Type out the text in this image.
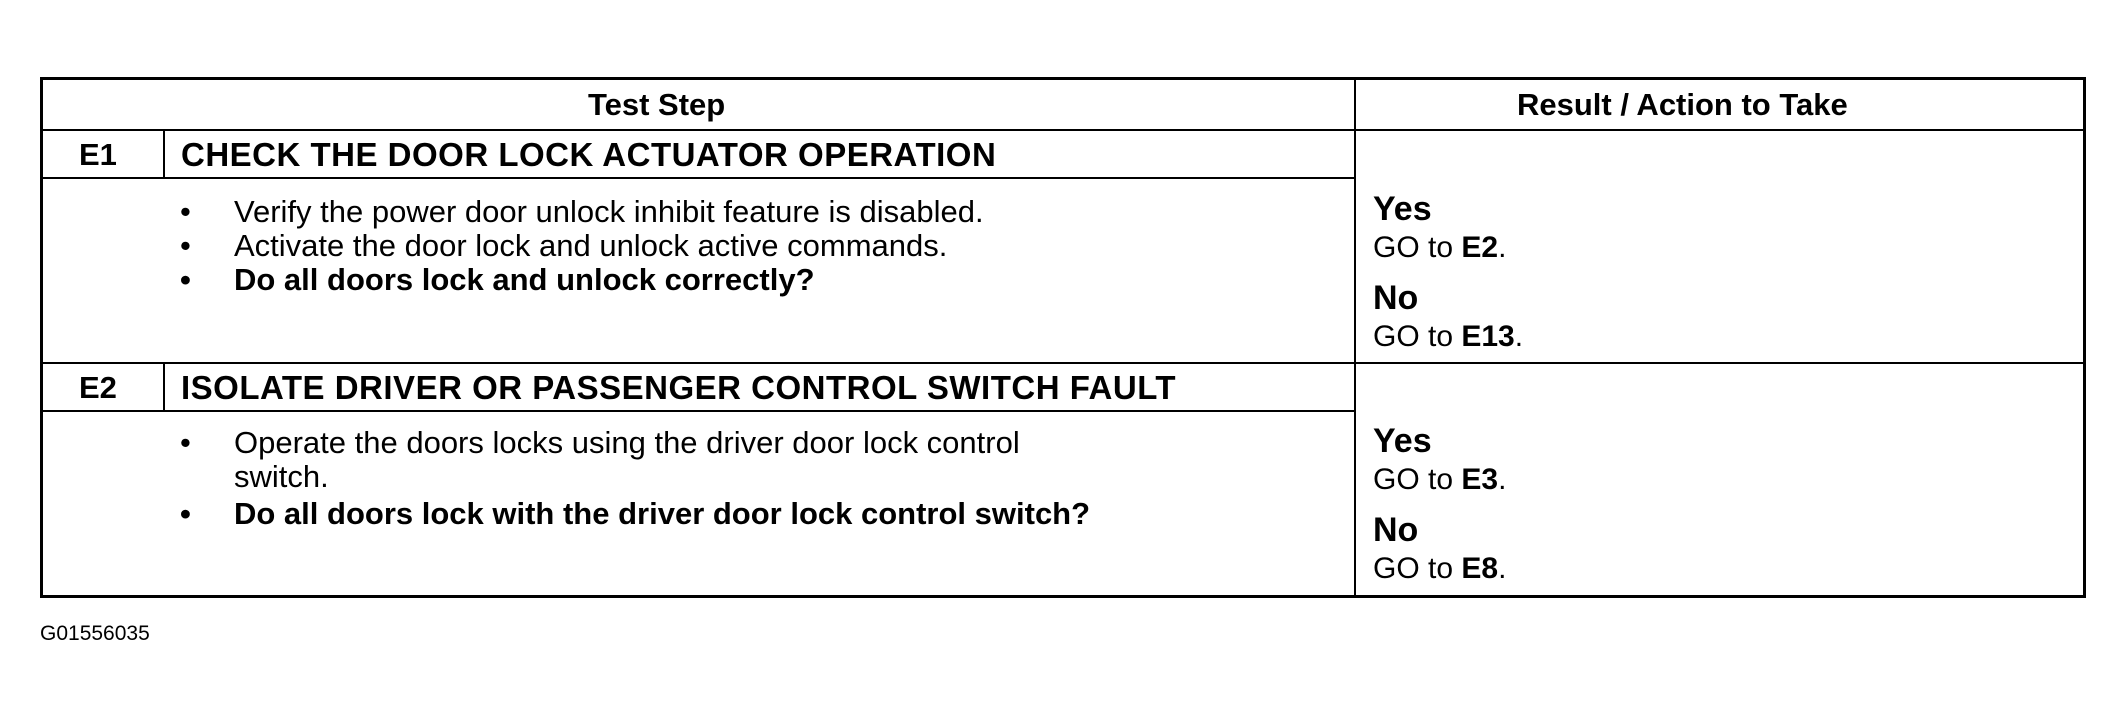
Test Step	Result / Action to Take
E1 CHECK THE DOOR LOCK ACTUATOR OPERATION
• Verify the power door unlock inhibit feature is disabled.
• Activate the door lock and unlock active commands.
• Do all doors lock and unlock correctly?
Yes
GO to E2.
No
GO to E13.
E2 ISOLATE DRIVER OR PASSENGER CONTROL SWITCH FAULT
• Operate the doors locks using the driver door lock control
switch.
• Do all doors lock with the driver door lock control switch?
Yes
GO to E3.
No
GO to E8.
G01556035
